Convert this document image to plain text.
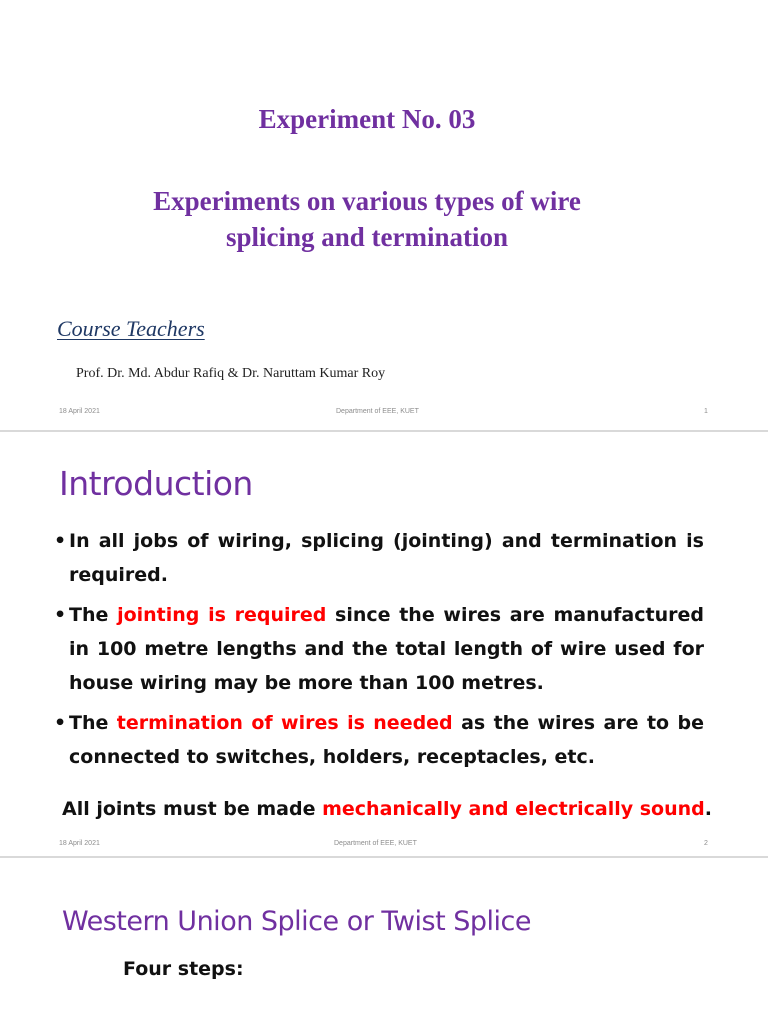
Experiment No. 03
Experiments on various types of wire
splicing and termination
Course Teachers
Prof. Dr. Md. Abdur Rafiq & Dr. Naruttam Kumar Roy
18 April 2021	Department of EEE, KUET	1
Introduction
• In all jobs of wiring, splicing (jointing) and termination is required.
• The jointing is required since the wires are manufactured in 100 metre lengths and the total length of wire used for house wiring may be more than 100 metres.
• The termination of wires is needed as the wires are to be connected to switches, holders, receptacles, etc.
All joints must be made mechanically and electrically sound.
18 April 2021	Department of EEE, KUET	2
Western Union Splice or Twist Splice
Four steps:
